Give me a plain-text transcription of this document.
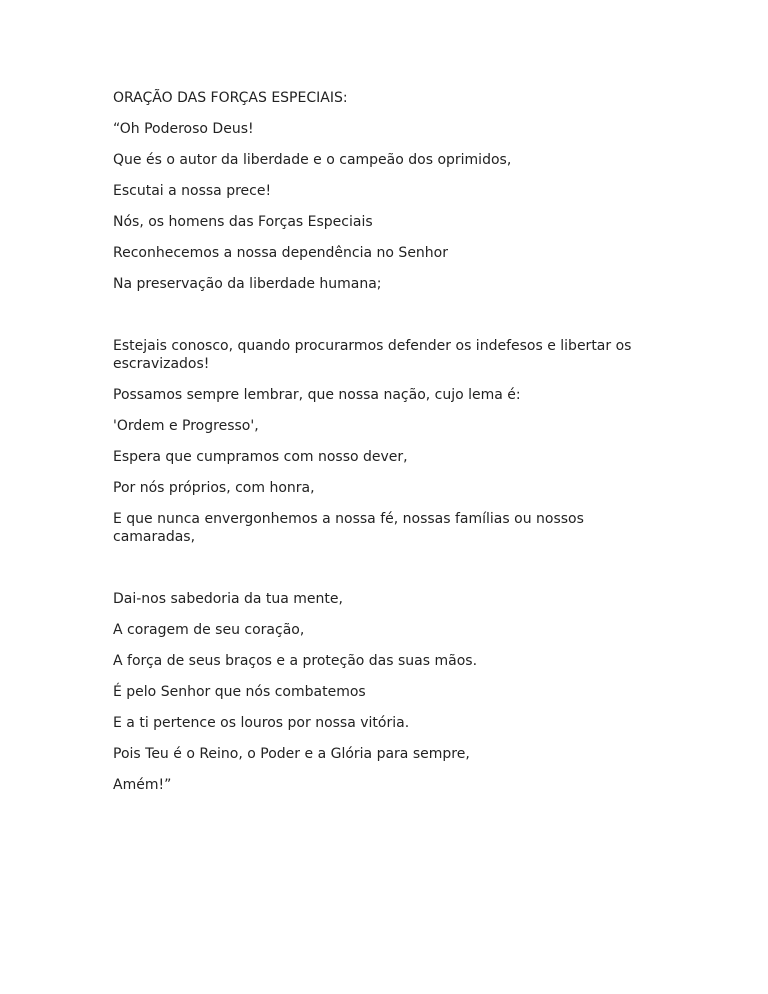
ORAÇÃO DAS FORÇAS ESPECIAIS:

“Oh Poderoso Deus!

Que és o autor da liberdade e o campeão dos oprimidos,

Escutai a nossa prece!

Nós, os homens das Forças Especiais

Reconhecemos a nossa dependência no Senhor

Na preservação da liberdade humana;

Estejais conosco, quando procurarmos defender os indefesos e libertar os escravizados!

Possamos sempre lembrar, que nossa nação, cujo lema é:

'Ordem e Progresso',

Espera que cumpramos com nosso dever,

Por nós próprios, com honra,

E que nunca envergonhemos a nossa fé, nossas famílias ou nossos camaradas,

Dai-nos sabedoria da tua mente,

A coragem de seu coração,

A força de seus braços e a proteção das suas mãos.

É pelo Senhor que nós combatemos

E a ti pertence os louros por nossa vitória.

Pois Teu é o Reino, o Poder e a Glória para sempre,

Amém!”
